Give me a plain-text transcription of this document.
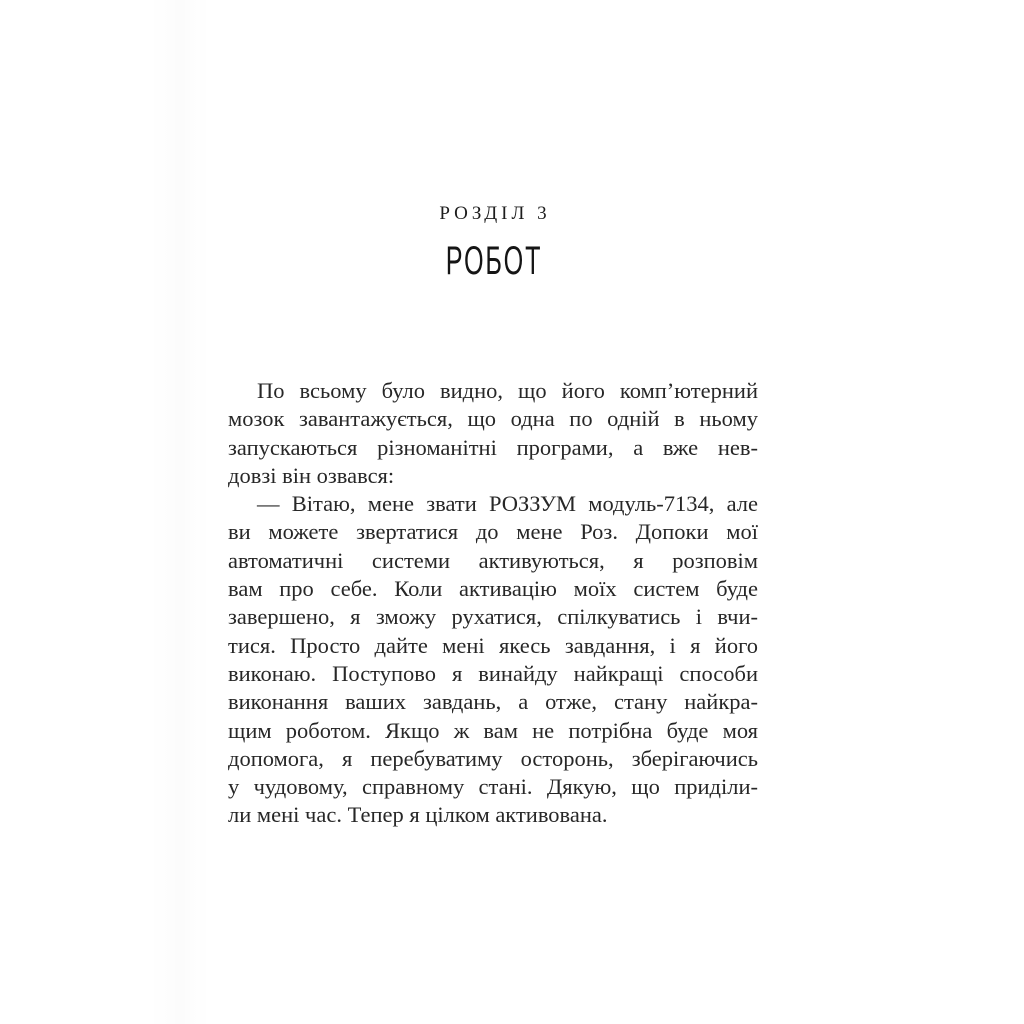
РОЗДІЛ 3
РОБОТ
По всьому було видно, що його комп’ютерний
мозок завантажується, що одна по одній в ньому
запускаються різноманітні програми, а вже нев-
довзі він озвався:
— Вітаю, мене звати РОЗЗУМ модуль-7134, але
ви можете звертатися до мене Роз. Допоки мої
автоматичні системи активуються, я розповім
вам про себе. Коли активацію моїх систем буде
завершено, я зможу рухатися, спілкуватись і вчи-
тися. Просто дайте мені якесь завдання, і я його
виконаю. Поступово я винайду найкращі способи
виконання ваших завдань, а отже, стану найкра-
щим роботом. Якщо ж вам не потрібна буде моя
допомога, я перебуватиму осторонь, зберігаючись
у чудовому, справному стані. Дякую, що приділи-
ли мені час. Тепер я цілком активована.
